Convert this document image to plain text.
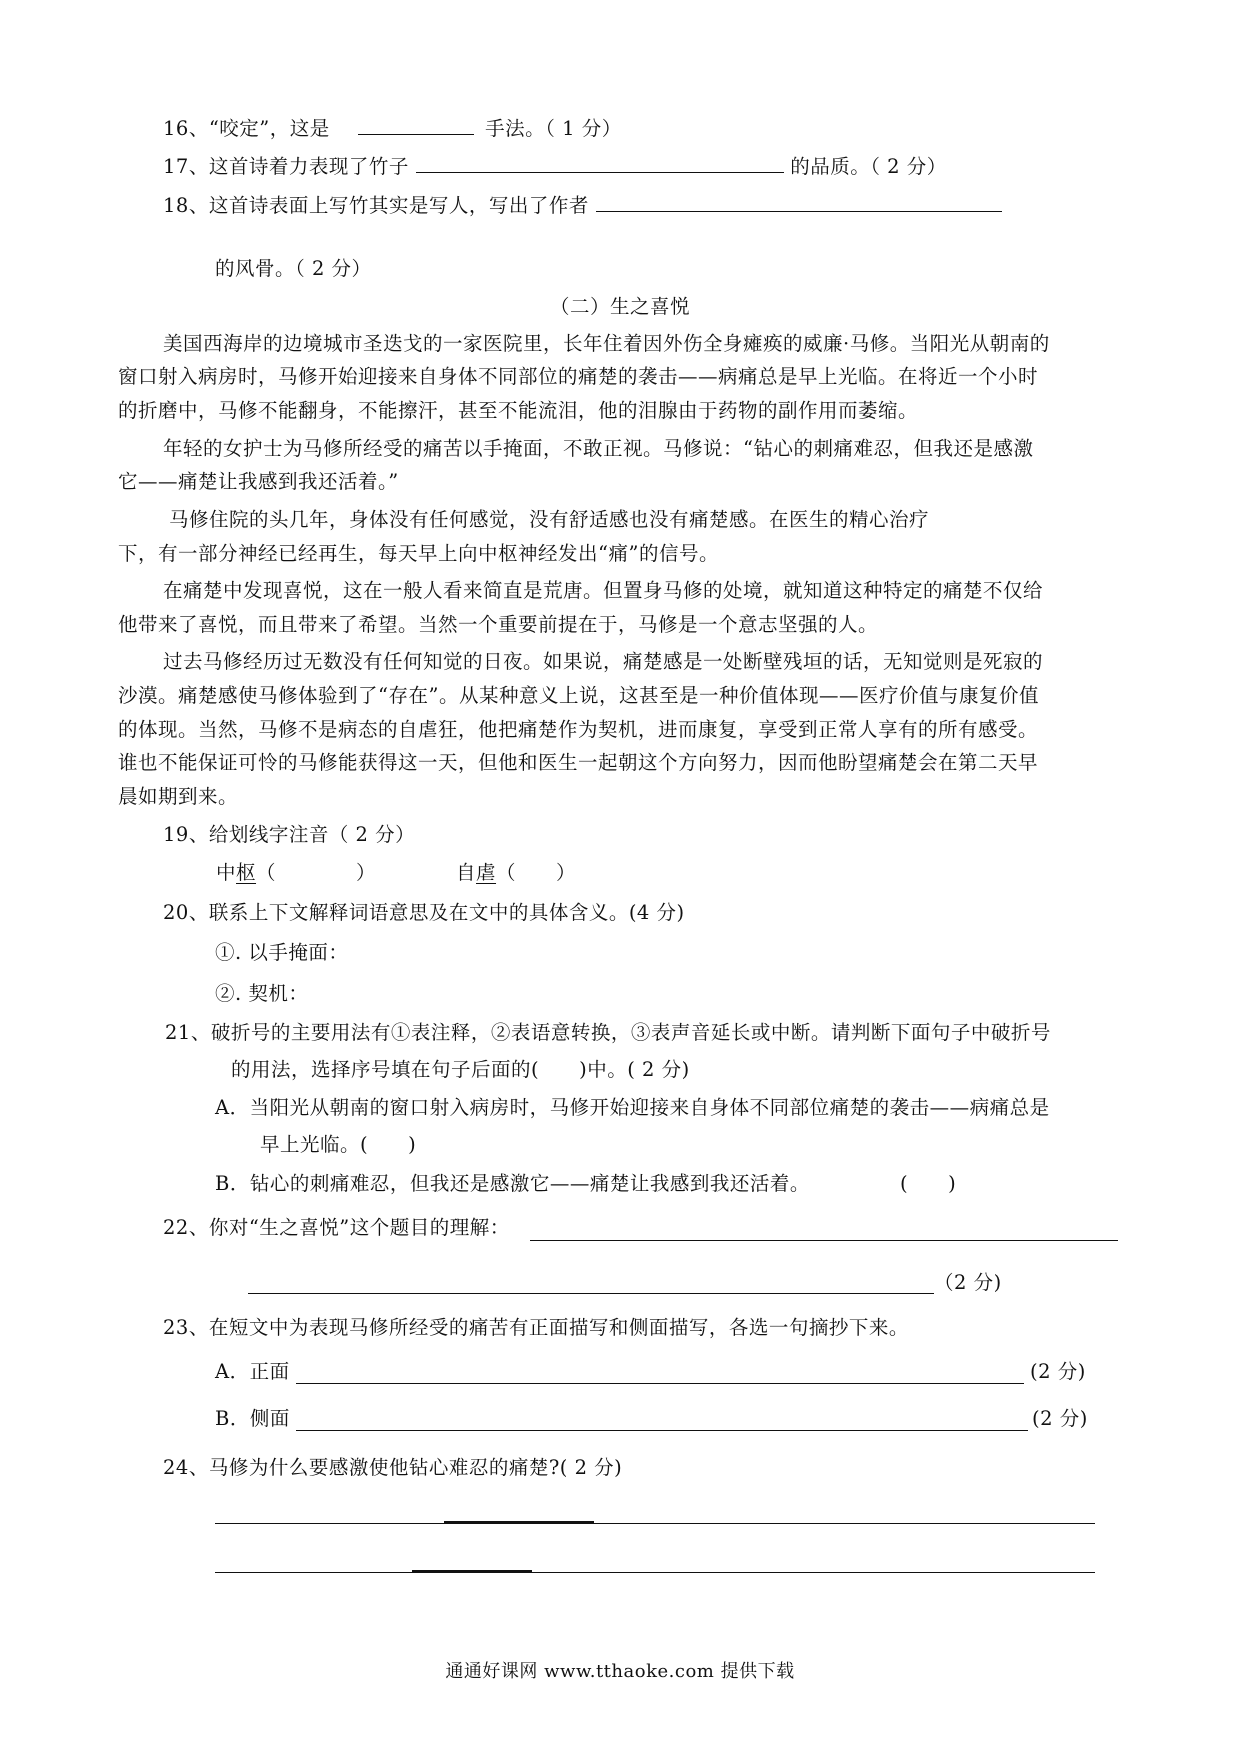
16、“咬定”，这是	手法。（ 1 分）
17、这首诗着力表现了竹子	的品质。（ 2 分）
18、这首诗表面上写竹其实是写人，写出了作者
的风骨。（ 2 分）
（二）生之喜悦
美国西海岸的边境城市圣迭戈的一家医院里，长年住着因外伤全身瘫痪的威廉·马修。当阳光从朝南的
窗口射入病房时，马修开始迎接来自身体不同部位的痛楚的袭击——病痛总是早上光临。在将近一个小时
的折磨中，马修不能翻身，不能擦汗，甚至不能流泪，他的泪腺由于药物的副作用而萎缩。
年轻的女护士为马修所经受的痛苦以手掩面，不敢正视。马修说：“钻心的刺痛难忍，但我还是感激
它——痛楚让我感到我还活着。”
马修住院的头几年，身体没有任何感觉，没有舒适感也没有痛楚感。在医生的精心治疗
下，有一部分神经已经再生，每天早上向中枢神经发出“痛”的信号。
在痛楚中发现喜悦，这在一般人看来简直是荒唐。但置身马修的处境，就知道这种特定的痛楚不仅给
他带来了喜悦，而且带来了希望。当然一个重要前提在于，马修是一个意志坚强的人。
过去马修经历过无数没有任何知觉的日夜。如果说，痛楚感是一处断壁残垣的话，无知觉则是死寂的
沙漠。痛楚感使马修体验到了“存在”。从某种意义上说，这甚至是一种价值体现——医疗价值与康复价值
的体现。当然，马修不是病态的自虐狂，他把痛楚作为契机，进而康复，享受到正常人享有的所有感受。
谁也不能保证可怜的马修能获得这一天，但他和医生一起朝这个方向努力，因而他盼望痛楚会在第二天早
晨如期到来。
19、给划线字注音（ 2 分）
中枢（　　　　）	自虐（　　）
20、联系上下文解释词语意思及在文中的具体含义。(4 分)
①. 以手掩面：
②. 契机：
21、破折号的主要用法有①表注释，②表语意转换，③表声音延长或中断。请判断下面句子中破折号
的用法，选择序号填在句子后面的(　　)中。( 2 分)
A．当阳光从朝南的窗口射入病房时，马修开始迎接来自身体不同部位痛楚的袭击——病痛总是
早上光临。(　　)
B．钻心的刺痛难忍，但我还是感激它——痛楚让我感到我还活着。	(　　)
22、你对“生之喜悦”这个题目的理解：
（2 分)
23、在短文中为表现马修所经受的痛苦有正面描写和侧面描写，各选一句摘抄下来。
A．正面	(2 分)
B．侧面	(2 分)
24、马修为什么要感激使他钻心难忍的痛楚?( 2 分)
通通好课网 www.tthaoke.com 提供下载
